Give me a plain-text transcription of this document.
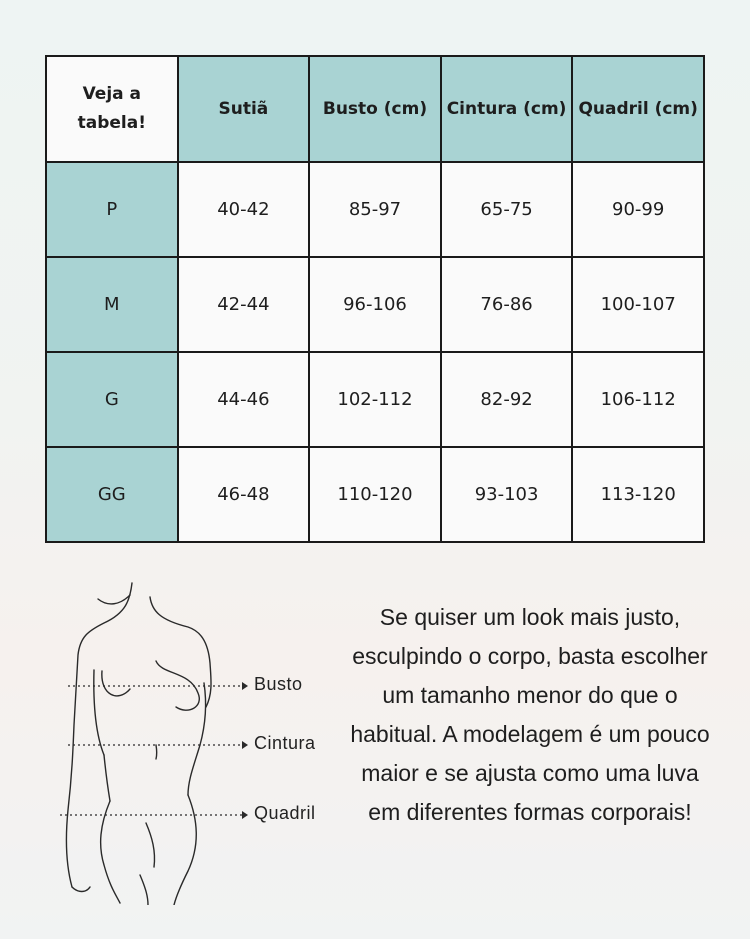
Veja a tabela!	Sutiã	Busto (cm)	Cintura (cm)	Quadril (cm)
P	40-42	85-97	65-75	90-99
M	42-44	96-106	76-86	100-107
G	44-46	102-112	82-92	106-112
GG	46-48	110-120	93-103	113-120
Busto
Cintura
Quadril
Se quiser um look mais justo, esculpindo o corpo, basta escolher um tamanho menor do que o habitual. A modelagem é um pouco maior e se ajusta como uma luva em diferentes formas corporais!
